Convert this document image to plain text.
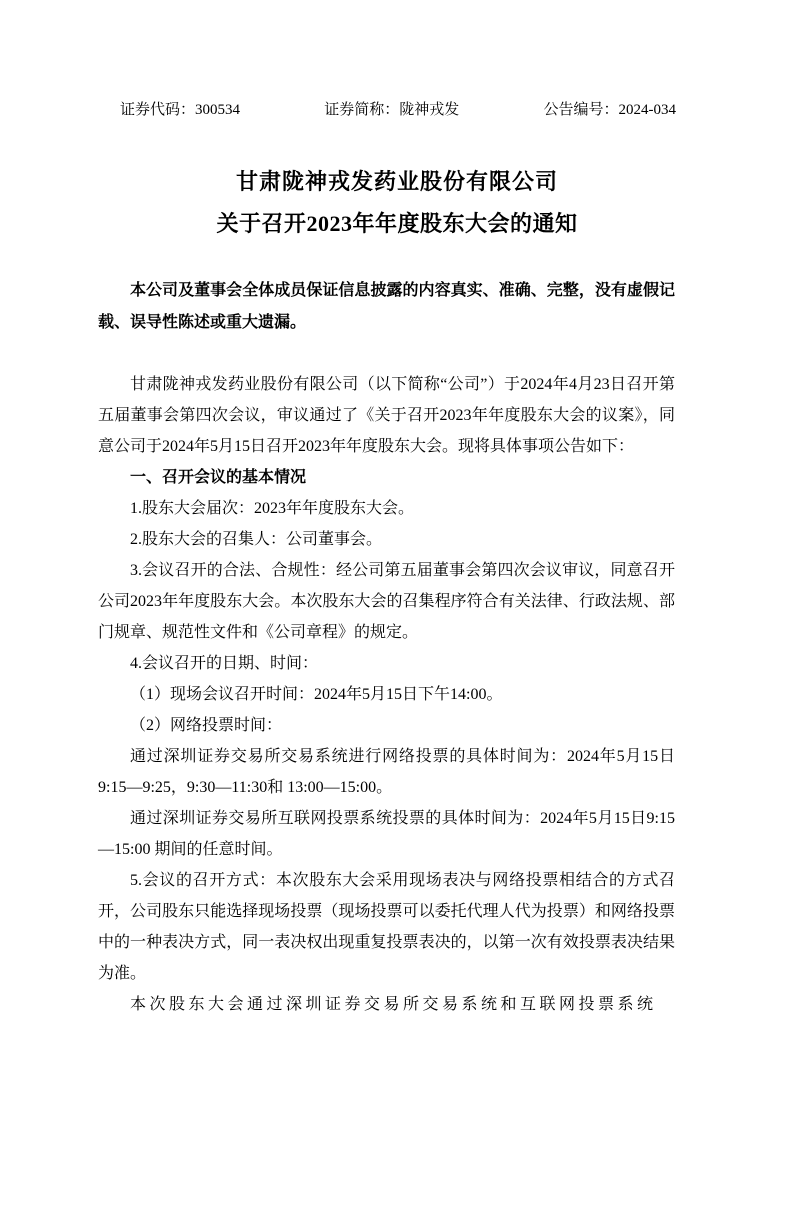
证券代码：300534	证券简称：陇神戎发	公告编号：2024-034
甘肃陇神戎发药业股份有限公司
关于召开2023年年度股东大会的通知

本公司及董事会全体成员保证信息披露的内容真实、准确、完整，没有虚假记载、误导性陈述或重大遗漏。

甘肃陇神戎发药业股份有限公司（以下简称“公司”）于2024年4月23日召开第五届董事会第四次会议，审议通过了《关于召开2023年年度股东大会的议案》，同意公司于2024年5月15日召开2023年年度股东大会。现将具体事项公告如下：

一、召开会议的基本情况

1.股东大会届次：2023年年度股东大会。

2.股东大会的召集人：公司董事会。

3.会议召开的合法、合规性：经公司第五届董事会第四次会议审议，同意召开公司2023年年度股东大会。本次股东大会的召集程序符合有关法律、行政法规、部门规章、规范性文件和《公司章程》的规定。

4.会议召开的日期、时间：

（1）现场会议召开时间：2024年5月15日下午14:00。

（2）网络投票时间：

通过深圳证券交易所交易系统进行网络投票的具体时间为：2024年5月15日9:15—9:25，9:30—11:30和 13:00—15:00。

通过深圳证券交易所互联网投票系统投票的具体时间为：2024年5月15日9:15—15:00 期间的任意时间。

5.会议的召开方式：本次股东大会采用现场表决与网络投票相结合的方式召开，公司股东只能选择现场投票（现场投票可以委托代理人代为投票）和网络投票中的一种表决方式，同一表决权出现重复投票表决的，以第一次有效投票表决结果为准。

本次股东大会通过深圳证券交易所交易系统和互联网投票系统
